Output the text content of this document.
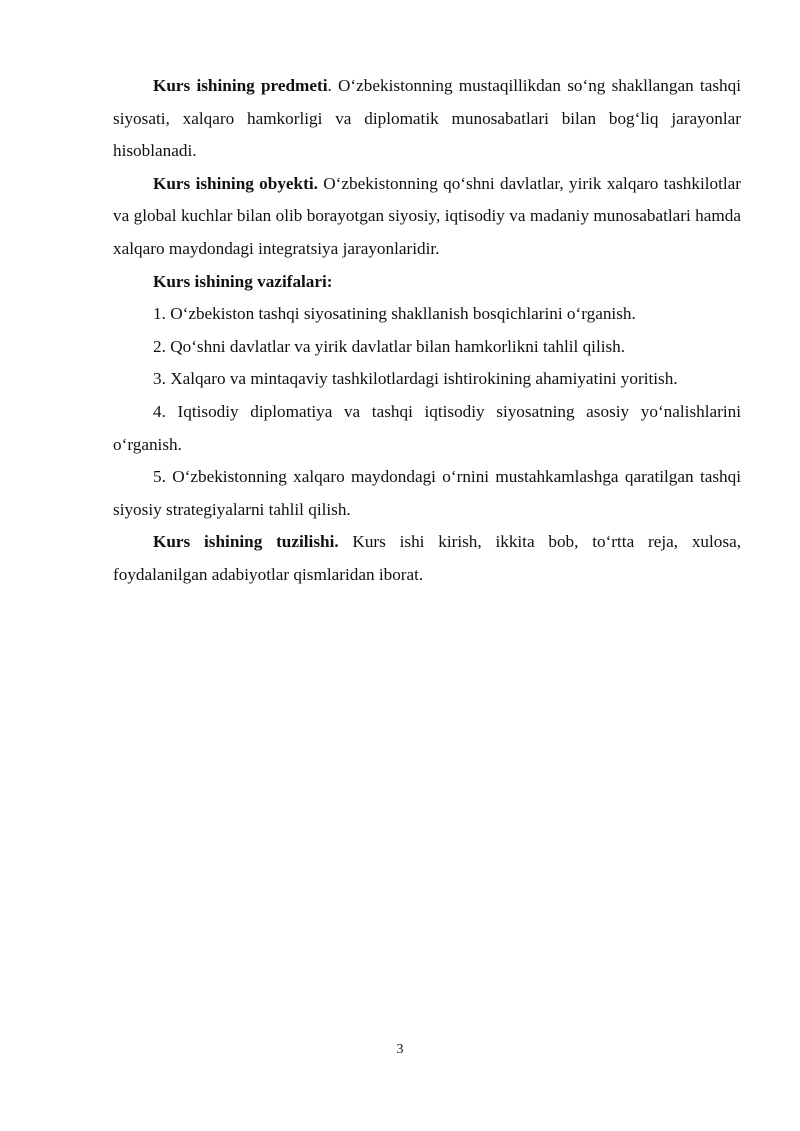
Kurs ishining predmeti. O‘zbekistonning mustaqillikdan so‘ng shakllangan tashqi siyosati, xalqaro hamkorligi va diplomatik munosabatlari bilan bog‘liq jarayonlar hisoblanadi.

Kurs ishining obyekti. O‘zbekistonning qo‘shni davlatlar, yirik xalqaro tashkilotlar va global kuchlar bilan olib borayotgan siyosiy, iqtisodiy va madaniy munosabatlari hamda xalqaro maydondagi integratsiya jarayonlaridir.

Kurs ishining vazifalari:

1. O‘zbekiston tashqi siyosatining shakllanish bosqichlarini o‘rganish.

2. Qo‘shni davlatlar va yirik davlatlar bilan hamkorlikni tahlil qilish.

3. Xalqaro va mintaqaviy tashkilotlardagi ishtirokining ahamiyatini yoritish.

4. Iqtisodiy diplomatiya va tashqi iqtisodiy siyosatning asosiy yo‘nalishlarini o‘rganish.

5. O‘zbekistonning xalqaro maydondagi o‘rnini mustahkamlashga qaratilgan tashqi siyosiy strategiyalarni tahlil qilish.

Kurs ishining tuzilishi. Kurs ishi kirish, ikkita bob, to‘rtta reja, xulosa, foydalanilgan adabiyotlar qismlaridan iborat.

3
